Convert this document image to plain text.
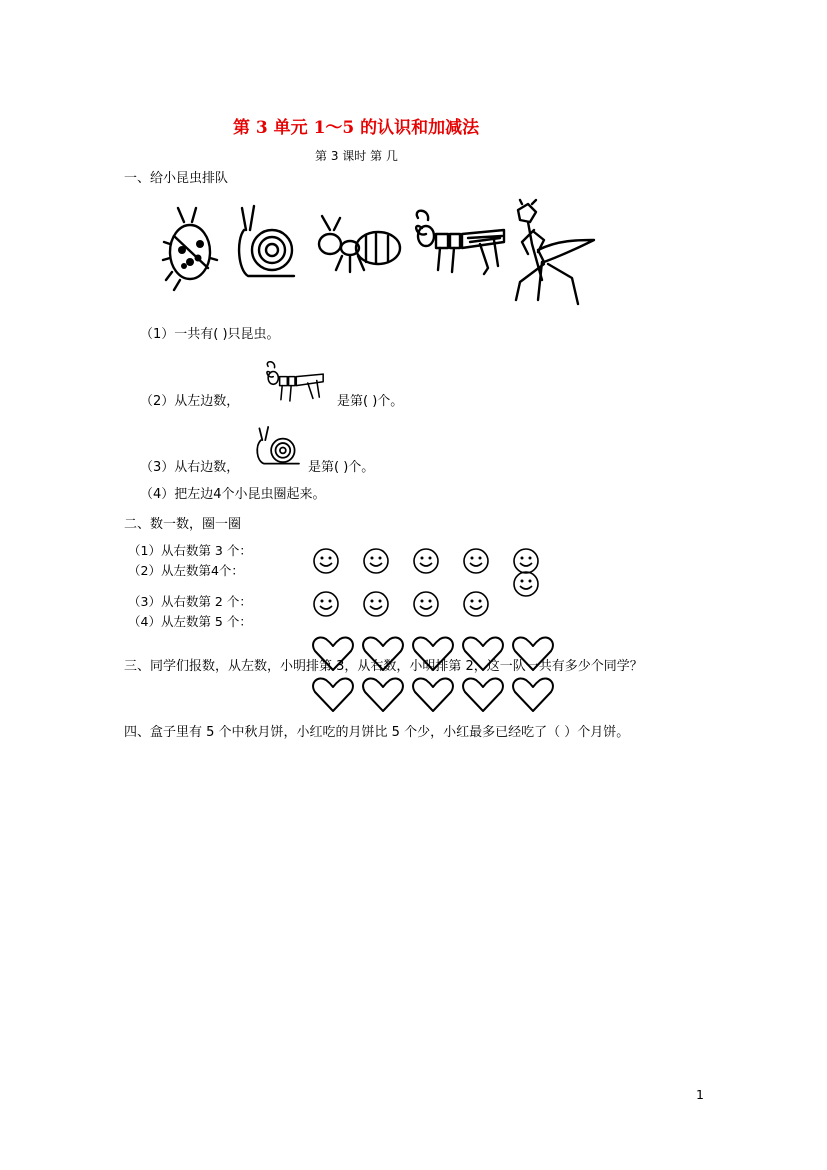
第 3 单元 1～5 的认识和加减法
第 3 课时 第 几
一、给小昆虫排队
（1）一共有( )只昆虫。
（2）从左边数，	是第( )个。
（3）从右边数，	是第( )个。
（4）把左边4个小昆虫圈起来。
二、数一数，圈一圈
（1）从右数第 3 个：
（2）从左数第4个：
（3）从右数第 2 个：
（4）从左数第 5 个：
三、同学们报数，从左数，小明排第 3，从右数，小明排第 2，这一队一共有多少个同学？
四、盒子里有 5 个中秋月饼，小红吃的月饼比 5 个少，小红最多已经吃了（ ）个月饼。
1
